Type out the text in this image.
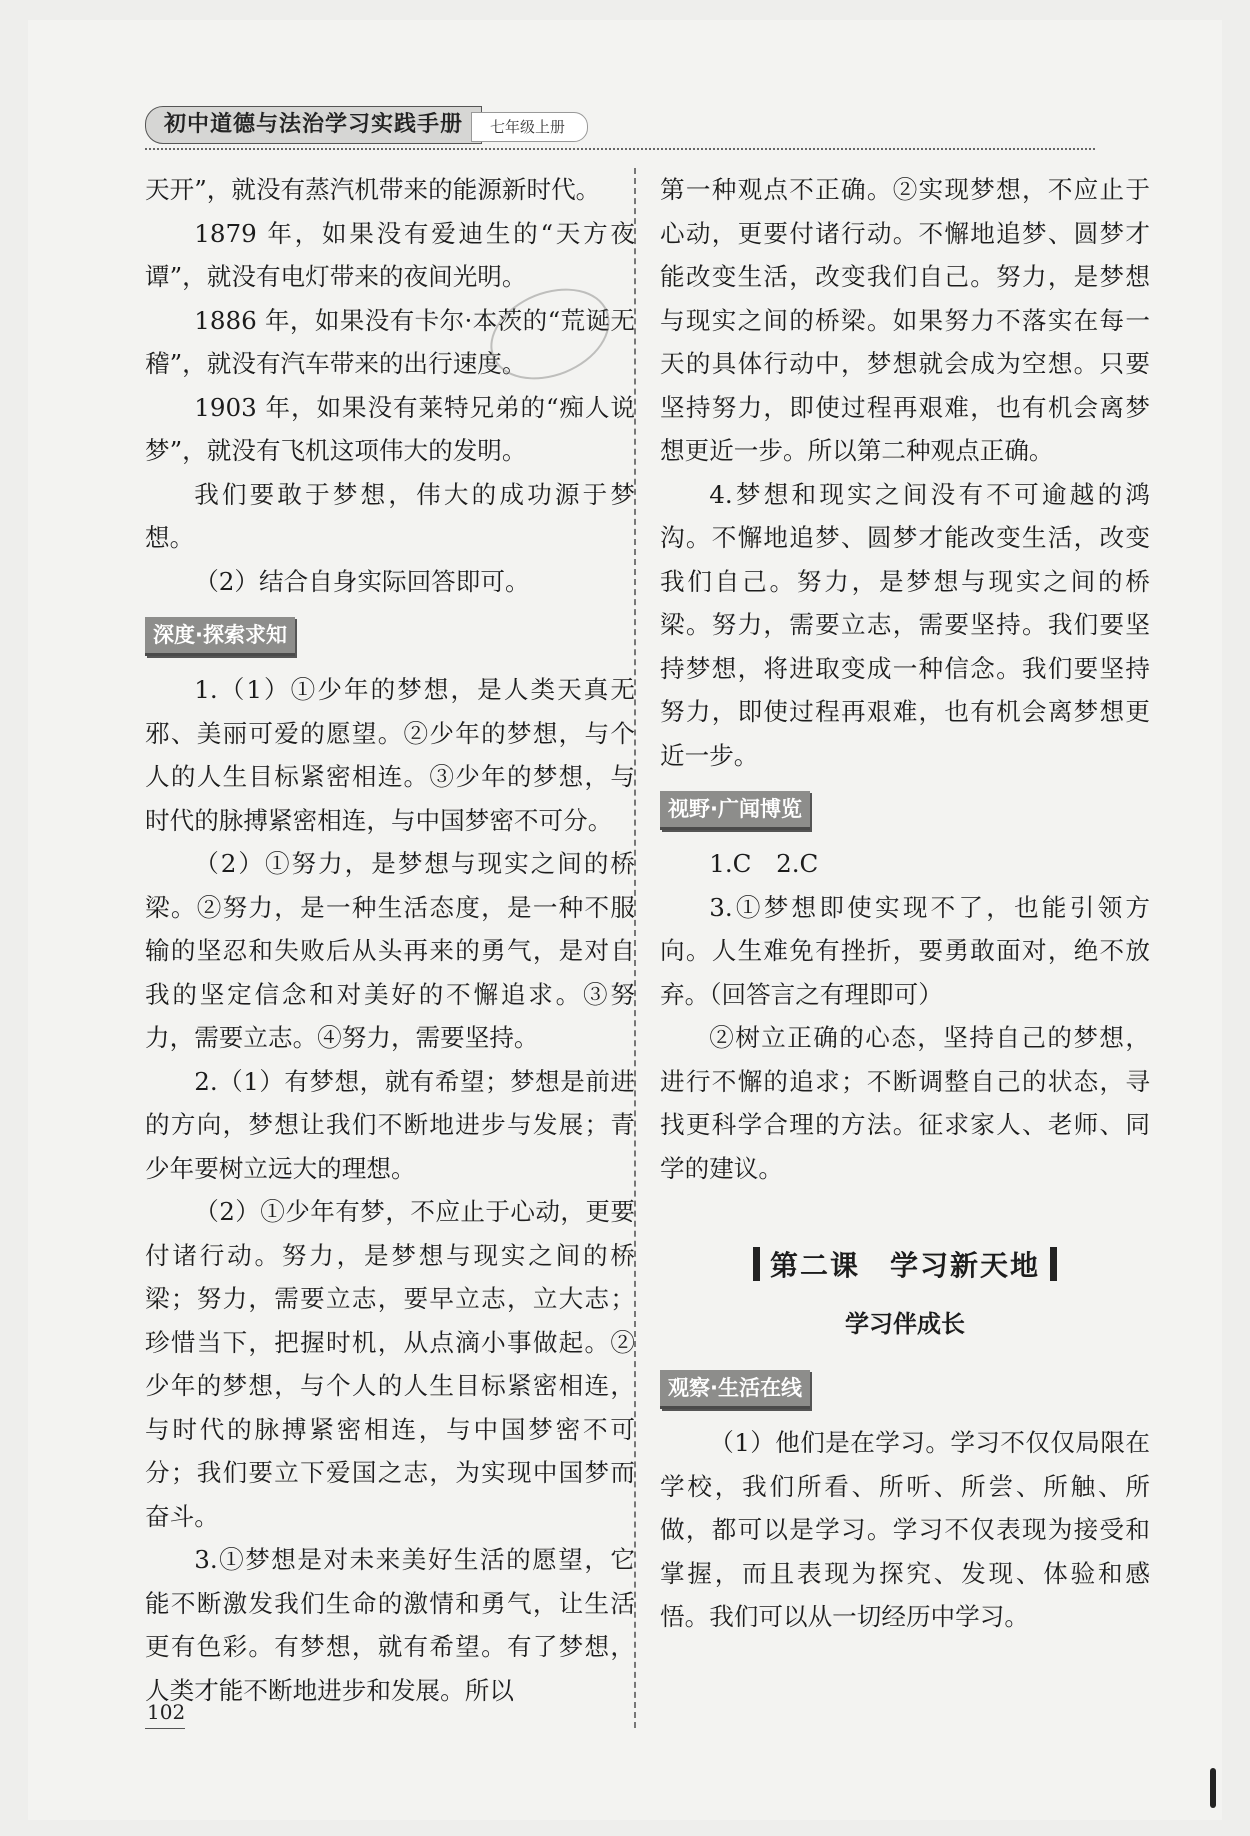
初中道德与法治学习实践手册	七年级上册

天开”，就没有蒸汽机带来的能源新时代。

1879 年，如果没有爱迪生的“天方夜谭”，就没有电灯带来的夜间光明。

1886 年，如果没有卡尔·本茨的“荒诞无稽”，就没有汽车带来的出行速度。

1903 年，如果没有莱特兄弟的“痴人说梦”，就没有飞机这项伟大的发明。

我们要敢于梦想，伟大的成功源于梦想。

（2）结合自身实际回答即可。

深度·探索求知

1.（1）①少年的梦想，是人类天真无邪、美丽可爱的愿望。②少年的梦想，与个人的人生目标紧密相连。③少年的梦想，与时代的脉搏紧密相连，与中国梦密不可分。

（2）①努力，是梦想与现实之间的桥梁。②努力，是一种生活态度，是一种不服输的坚忍和失败后从头再来的勇气，是对自我的坚定信念和对美好的不懈追求。③努力，需要立志。④努力，需要坚持。

2.（1）有梦想，就有希望；梦想是前进的方向，梦想让我们不断地进步与发展；青少年要树立远大的理想。

（2）①少年有梦，不应止于心动，更要付诸行动。努力，是梦想与现实之间的桥梁；努力，需要立志，要早立志，立大志；珍惜当下，把握时机，从点滴小事做起。②少年的梦想，与个人的人生目标紧密相连，与时代的脉搏紧密相连，与中国梦密不可分；我们要立下爱国之志，为实现中国梦而奋斗。

3.①梦想是对未来美好生活的愿望，它能不断激发我们生命的激情和勇气，让生活更有色彩。有梦想，就有希望。有了梦想，人类才能不断地进步和发展。所以

第一种观点不正确。②实现梦想，不应止于心动，更要付诸行动。不懈地追梦、圆梦才能改变生活，改变我们自己。努力，是梦想与现实之间的桥梁。如果努力不落实在每一天的具体行动中，梦想就会成为空想。只要坚持努力，即使过程再艰难，也有机会离梦想更近一步。所以第二种观点正确。

4.梦想和现实之间没有不可逾越的鸿沟。不懈地追梦、圆梦才能改变生活，改变我们自己。努力，是梦想与现实之间的桥梁。努力，需要立志，需要坚持。我们要坚持梦想，将进取变成一种信念。我们要坚持努力，即使过程再艰难，也有机会离梦想更近一步。

视野·广闻博览

1.C　2.C

3.①梦想即使实现不了，也能引领方向。人生难免有挫折，要勇敢面对，绝不放弃。（回答言之有理即可）

②树立正确的心态，坚持自己的梦想，进行不懈的追求；不断调整自己的状态，寻找更科学合理的方法。征求家人、老师、同学的建议。

第二课　学习新天地
学习伴成长
观察·生活在线

（1）他们是在学习。学习不仅仅局限在学校，我们所看、所听、所尝、所触、所做，都可以是学习。学习不仅表现为接受和掌握，而且表现为探究、发现、体验和感悟。我们可以从一切经历中学习。

102
